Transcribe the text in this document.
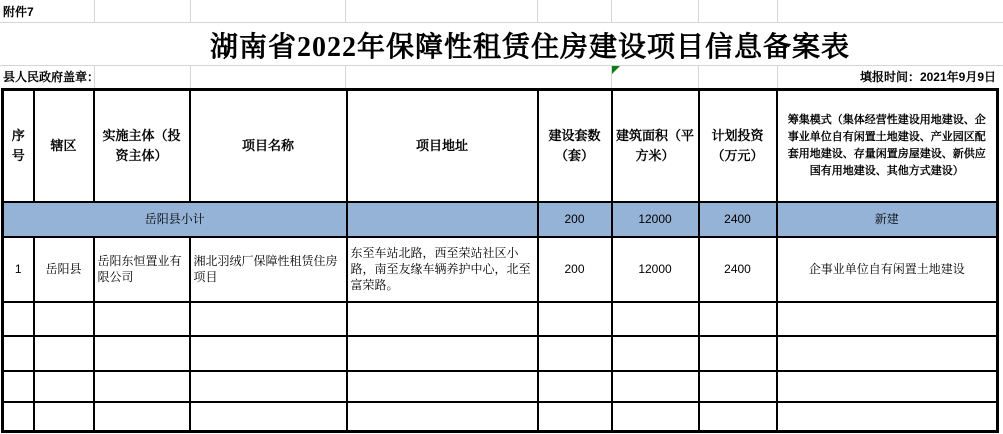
附件7
湖南省2022年保障性租赁住房建设项目信息备案表
县人民政府盖章：	填报时间：2021年9月9日
序号	辖区	实施主体（投资主体）	项目名称	项目地址	建设套数（套）	建筑面积（平方米）	计划投资（万元）	筹集模式（集体经营性建设用地建设、企事业单位自有闲置土地建设、产业园区配套用地建设、存量闲置房屋建设、新供应国有用地建设、其他方式建设）
岳阳县小计					200	12000	2400	新建
1	岳阳县	岳阳东恒置业有限公司	湘北羽绒厂保障性租赁住房项目	东至车站北路，西至荣站社区小路，南至友缘车辆养护中心，北至富荣路。	200	12000	2400	企事业单位自有闲置土地建设
